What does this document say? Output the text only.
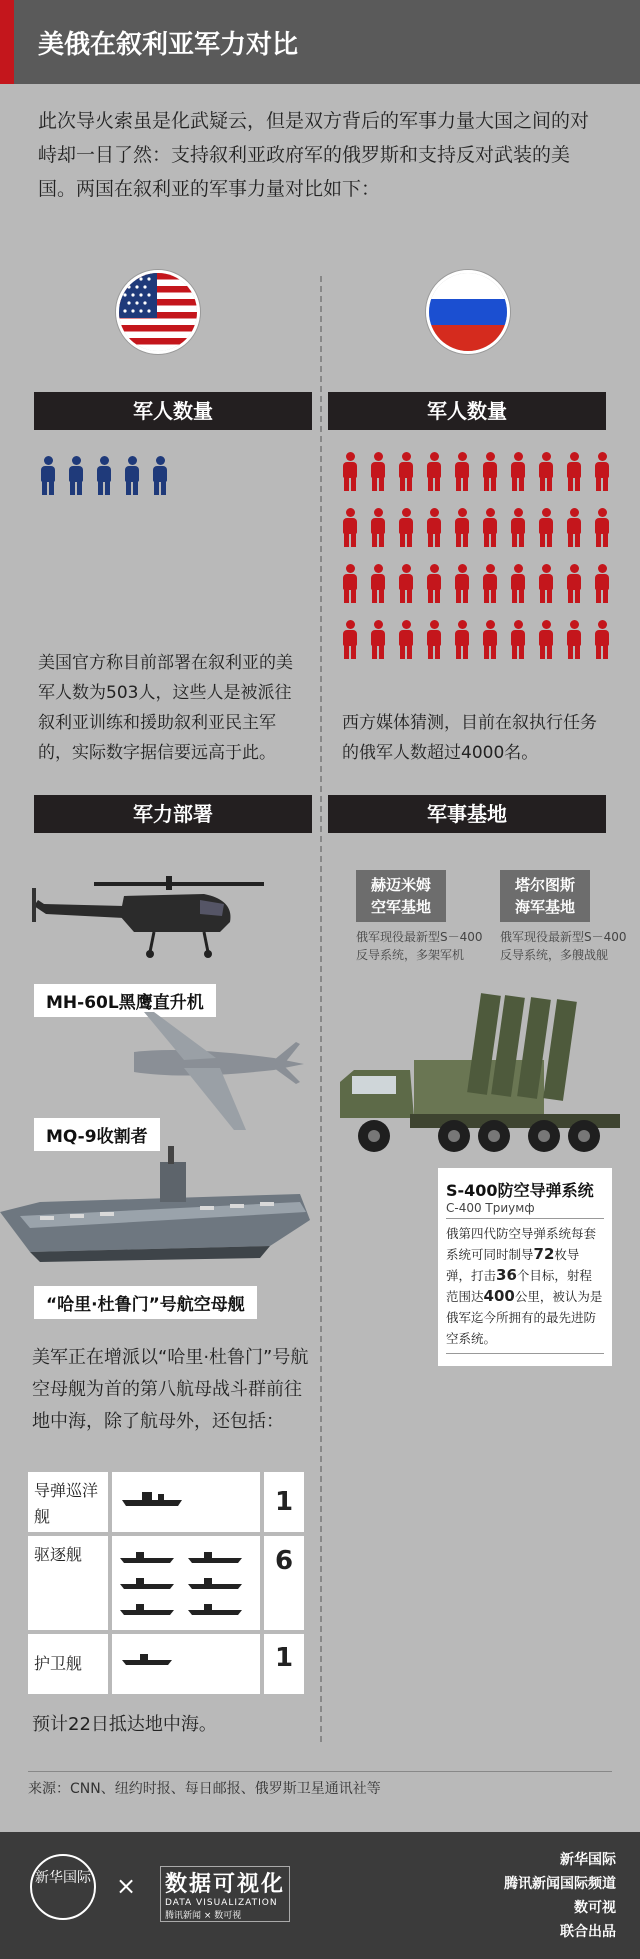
美俄在叙利亚军力对比
此次导火索虽是化武疑云，但是双方背后的军事力量大国之间的对峙却一目了然：支持叙利亚政府军的俄罗斯和支持反对武装的美国。两国在叙利亚的军事力量对比如下：
军人数量	军人数量
美国官方称目前部署在叙利亚的美军人数为503人，这些人是被派往叙利亚训练和援助叙利亚民主军的，实际数字据信要远高于此。
西方媒体猜测，目前在叙执行任务的俄军人数超过4000名。
军力部署	军事基地
MH-60L黑鹰直升机
MQ-9收割者
“哈里·杜鲁门”号航空母舰
美军正在增派以“哈里·杜鲁门”号航空母舰为首的第八航母战斗群前往地中海，除了航母外，还包括：
导弹巡洋舰	1
驱逐舰	6
护卫舰	1
预计22日抵达地中海。
赫迈米姆
空军基地
塔尔图斯
海军基地
俄军现役最新型S－400反导系统，多架军机
俄军现役最新型S－400反导系统，多艘战舰
S-400防空导弹系统
С-400 Триумф
俄第四代防空导弹系统每套系统可同时制导72枚导弹，打击36个目标，射程范围达400公里，被认为是俄军迄今所拥有的最先进防空系统。
来源：CNN、纽约时报、每日邮报、俄罗斯卫星通讯社等
新华国际 × 数据可视化
DATA VISUALIZATION
腾讯新闻 × 数可视
新华国际
腾讯新闻国际频道
数可视
联合出品
